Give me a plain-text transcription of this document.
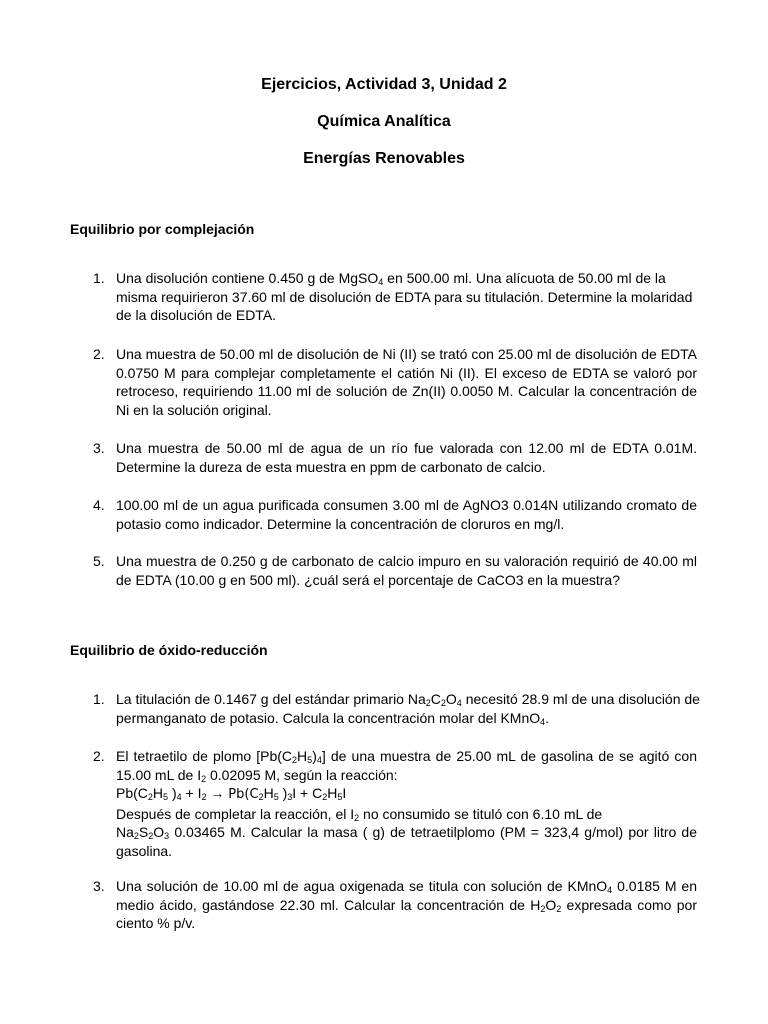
Ejercicios, Actividad 3, Unidad 2
Química Analítica
Energías Renovables
Equilibrio por complejación
1. Una disolución contiene 0.450 g de MgSO$_4$ en 500.00 ml. Una alícuota de 50.00 ml de la
misma requirieron 37.60 ml de disolución de EDTA para su titulación. Determine la molaridad
de la disolución de EDTA.
2. Una muestra de 50.00 ml de disolución de Ni (II) se trató con 25.00 ml de disolución de EDTA
0.0750 M para complejar completamente el catión Ni (II). El exceso de EDTA se valoró por
retroceso, requiriendo 11.00 ml de solución de Zn(II) 0.0050 M. Calcular la concentración de
Ni en la solución original.
3. Una muestra de 50.00 ml de agua de un río fue valorada con 12.00 ml de EDTA 0.01M.
Determine la dureza de esta muestra en ppm de carbonato de calcio.
4. 100.00 ml de un agua purificada consumen 3.00 ml de AgNO3 0.014N utilizando cromato de
potasio como indicador. Determine la concentración de cloruros en mg/l.
5. Una muestra de 0.250 g de carbonato de calcio impuro en su valoración requirió de 40.00 ml
de EDTA (10.00 g en 500 ml). ¿cuál será el porcentaje de CaCO3 en la muestra?
Equilibrio de óxido-reducción
1. La titulación de 0.1467 g del estándar primario $Na_2C_2O_4$ necesitó 28.9 ml de una disolución de
permanganato de potasio. Calcula la concentración molar del KMnO$_4$.
2. El tetraetilo de plomo $[Pb(C_2H_5)_4]$ de una muestra de 25.00 mL de gasolina de se agitó con
15.00 mL de $I_2$ 0.02095 M, según la reacción:
$Pb(C_2H_5$ )$_4 + I_2 \to Pb(C_2H_5$ )$_3I + C_2H_5I$
Después de completar la reacción, el $I_2$ no consumido se tituló con 6.10 mL de
$Na_2S_2O_3$ 0.03465 M. Calcular la masa ( g) de tetraetilplomo (PM = 323,4 g/mol) por litro de
gasolina.
3. Una solución de 10.00 ml de agua oxigenada se titula con solución de KMnO$_4$ 0.0185 M en
medio ácido, gastándose 22.30 ml. Calcular la concentración de $H_2O_2$ expresada como por
ciento % p/v.
